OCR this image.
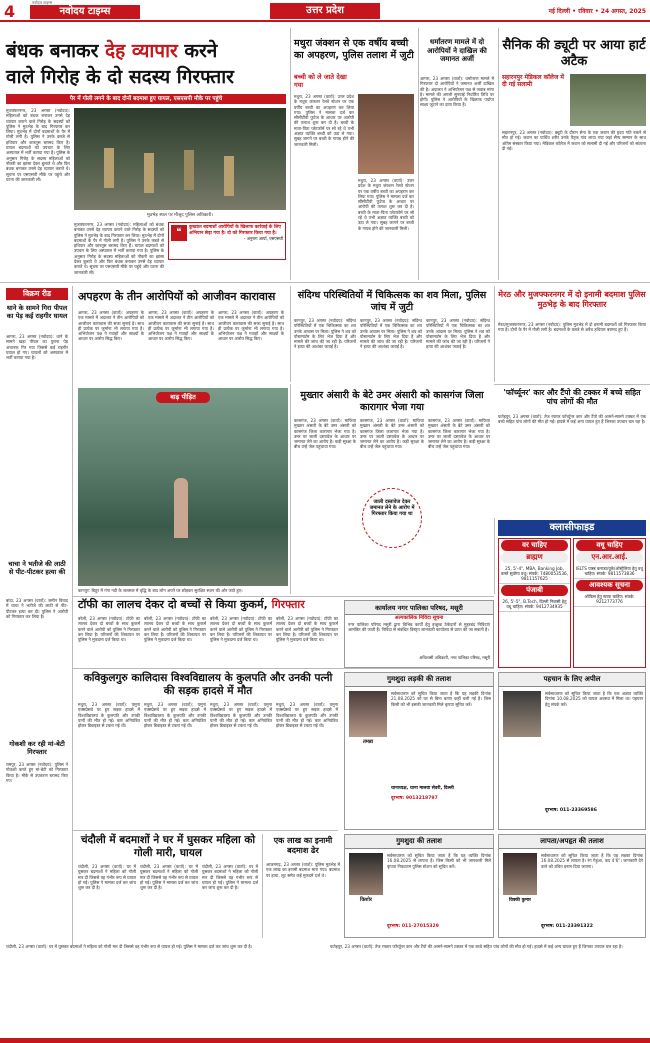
4	नवोदय टाइम्स
नवोदय टाइम्स	उत्तर प्रदेश	नई दिल्ली • रविवार • 24 अगस्त, 2025
बंधक बनाकर देह व्यापार करने
वाले गिरोह के दो सदस्य गिरफ्तार
पैर में गोली लगने के बाद दोनों बदमाश हुए घायल, एसएसपी मौके पर पहुंचे
मुजफ्फरनगर, 23 अगस्त (नवोदय): महिलाओं को बंधक बनाकर उनसे देह व्यापार कराने वाले गिरोह के सदस्यों को पुलिस ने मुठभेड़ के बाद गिरफ्तार कर लिया। मुठभेड़ में दोनों बदमाशों के पैर में गोली लगी है। पुलिस ने उनके कब्जे से हथियार और कारतूस बरामद किए हैं। घायल बदमाशों को उपचार के लिए अस्पताल में भर्ती कराया गया है। पुलिस के अनुसार गिरोह के सदस्य महिलाओं को नौकरी का झांसा देकर बुलाते थे और फिर बंधक बनाकर उनसे देह व्यापार कराते थे। सूचना पर एसएसपी मौके पर पहुंचे और घटना की जानकारी ली।
मुठभेड़ स्थल पर मौजूद पुलिस अधिकारी।
मुजफ्फरनगर, 23 अगस्त (नवोदय): महिलाओं को बंधक बनाकर उनसे देह व्यापार कराने वाले गिरोह के सदस्यों को पुलिस ने मुठभेड़ के बाद गिरफ्तार कर लिया। मुठभेड़ में दोनों बदमाशों के पैर में गोली लगी है। पुलिस ने उनके कब्जे से हथियार और कारतूस बरामद किए हैं। घायल बदमाशों को उपचार के लिए अस्पताल में भर्ती कराया गया है। पुलिस के अनुसार गिरोह के सदस्य महिलाओं को नौकरी का झांसा देकर बुलाते थे और फिर बंधक बनाकर उनसे देह व्यापार कराते थे। सूचना पर एसएसपी मौके पर पहुंचे और घटना की जानकारी ली।
❝	कुख्यात बदमाशों आरोपियों के खिलाफ कार्रवाई के लिए अभियान छेड़ा गया है। दो को गिरफ्तार किया गया है।
- अनुराग आर्या, एसएसपी
मथुरा जंक्शन से एक वर्षीय बच्ची का अपहरण, पुलिस तलाश में जुटी
बच्ची को ले जाते देखा गया
मथुरा, 23 अगस्त (वार्ता): उत्तर प्रदेश के मथुरा जंक्शन रेलवे स्टेशन पर एक वर्षीय बच्ची का अपहरण कर लिया गया। पुलिस ने मामला दर्ज कर सीसीटीवी फुटेज के आधार पर आरोपी की तलाश शुरू कर दी है। बच्ची के माता-पिता प्लेटफॉर्म पर सो रहे थे तभी अज्ञात व्यक्ति बच्ची को उठा ले गया। सुबह जागने पर बच्ची के गायब होने की जानकारी मिली।
मथुरा, 23 अगस्त (वार्ता): उत्तर प्रदेश के मथुरा जंक्शन रेलवे स्टेशन पर एक वर्षीय बच्ची का अपहरण कर लिया गया। पुलिस ने मामला दर्ज कर सीसीटीवी फुटेज के आधार पर आरोपी की तलाश शुरू कर दी है। बच्ची के माता-पिता प्लेटफॉर्म पर सो रहे थे तभी अज्ञात व्यक्ति बच्ची को उठा ले गया। सुबह जागने पर बच्ची के गायब होने की जानकारी मिली।
धर्मांतरण मामले में दो आरोपियों ने दाखिल की जमानत अर्जी
आगरा, 23 अगस्त (वार्ता): धर्मांतरण मामले में गिरफ्तार दो आरोपियों ने जमानत अर्जी दाखिल की है। अदालत ने अभियोजन पक्ष से जवाब मांगा है। मामले की अगली सुनवाई निर्धारित तिथि पर होगी। पुलिस ने आरोपियों के खिलाफ पर्याप्त साक्ष्य जुटाने का दावा किया है।
सैनिक की ड्यूटी पर आया हार्ट अटैक
सहारनपुर मेडिकल कॉलेज में दी गई सलामी
सहारनपुर, 23 अगस्त (नवोदय): ड्यूटी के दौरान सेना के एक जवान की हृदय गति रुकने से मौत हो गई। जवान का पार्थिव शरीर उनके पैतृक गांव लाया गया जहां सैन्य सम्मान के साथ अंतिम संस्कार किया गया। मेडिकल कॉलेज में जवान को सलामी दी गई और परिजनों को सांत्वना दी गई।
विक्रम रीड
थाने के सामने गिरा पीपल का पेड़ कई राहगीर घायल
आगरा, 23 अगस्त (नवोदय): थाने के सामने खड़ा पीपल का पुराना पेड़ अचानक गिर गया जिससे कई राहगीर घायल हो गए। घायलों को अस्पताल में भर्ती कराया गया है।
चाचा ने भतीजे की लाठी से पीट-पीटकर हत्या की
बांदा, 23 अगस्त (वार्ता): जमीन विवाद में चाचा ने भतीजे की लाठी से पीट-पीटकर हत्या कर दी। पुलिस ने आरोपी को गिरफ्तार कर लिया है।
गोकशी कर रही मां-बेटी गिरफ्तार
रामपुर, 23 अगस्त (नवोदय): पुलिस ने गोकशी करते हुए मां-बेटी को गिरफ्तार किया है। मौके से उपकरण बरामद किए गए।
अपहरण के तीन आरोपियों को आजीवन कारावास
आगरा, 23 अगस्त (वार्ता): अपहरण के एक मामले में अदालत ने तीन आरोपियों को आजीवन कारावास की सजा सुनाई है। साथ ही प्रत्येक पर जुर्माना भी लगाया गया है। अभियोजन पक्ष ने गवाहों और साक्ष्यों के आधार पर आरोप सिद्ध किए।
आगरा, 23 अगस्त (वार्ता): अपहरण के एक मामले में अदालत ने तीन आरोपियों को आजीवन कारावास की सजा सुनाई है। साथ ही प्रत्येक पर जुर्माना भी लगाया गया है। अभियोजन पक्ष ने गवाहों और साक्ष्यों के आधार पर आरोप सिद्ध किए।
आगरा, 23 अगस्त (वार्ता): अपहरण के एक मामले में अदालत ने तीन आरोपियों को आजीवन कारावास की सजा सुनाई है। साथ ही प्रत्येक पर जुर्माना भी लगाया गया है। अभियोजन पक्ष ने गवाहों और साक्ष्यों के आधार पर आरोप सिद्ध किए।
संदिग्ध परिस्थितियों में चिकित्सक का शव मिला, पुलिस जांच में जुटी
कानपुर, 23 अगस्त (नवोदय): संदिग्ध परिस्थितियों में एक चिकित्सक का शव उनके आवास पर मिला। पुलिस ने शव को पोस्टमार्टम के लिए भेज दिया है और मामले की जांच की जा रही है। परिजनों ने हत्या की आशंका जताई है।
कानपुर, 23 अगस्त (नवोदय): संदिग्ध परिस्थितियों में एक चिकित्सक का शव उनके आवास पर मिला। पुलिस ने शव को पोस्टमार्टम के लिए भेज दिया है और मामले की जांच की जा रही है। परिजनों ने हत्या की आशंका जताई है।
कानपुर, 23 अगस्त (नवोदय): संदिग्ध परिस्थितियों में एक चिकित्सक का शव उनके आवास पर मिला। पुलिस ने शव को पोस्टमार्टम के लिए भेज दिया है और मामले की जांच की जा रही है। परिजनों ने हत्या की आशंका जताई है।
मेरठ और मुजफ्फरनगर में दो इनामी बदमाश पुलिस मुठभेड़ के बाद गिरफ्तार
मेरठ/मुजफ्फरनगर, 23 अगस्त (नवोदय): पुलिस मुठभेड़ में दो इनामी बदमाशों को गिरफ्तार किया गया है। दोनों के पैर में गोली लगी है। बदमाशों के कब्जे से अवैध हथियार बरामद हुए हैं।
बाढ़ पीड़ित
कानपुर: बिठूर में गंगा नदी के जलस्तर में वृद्धि के बाद लोग अपने घर छोड़कर सुरक्षित स्थान की ओर जाते हुए।
'फॉर्च्यूनर' कार और टैंपो की टक्कर में बच्चे सहित पांच लोगों की मौत
फतेहपुर, 23 अगस्त (वार्ता): तेज रफ्तार फॉर्च्यूनर कार और टैंपो की आमने-सामने टक्कर में एक बच्चे सहित पांच लोगों की मौत हो गई। हादसे में कई अन्य घायल हुए हैं जिनका उपचार चल रहा है।
मुख्तार अंसारी के बेटे उमर अंसारी को कासगंज जिला कारागार भेजा गया
कासगंज, 23 अगस्त (वार्ता): माफिया मुख्तार अंसारी के बेटे उमर अंसारी को कासगंज जिला कारागार भेजा गया है। उमर पर जाली दस्तावेज के आधार पर जमानत लेने का आरोप है। कड़ी सुरक्षा के बीच उन्हें जेल पहुंचाया गया।
जाली दस्तावेज देकर जमानत लेने के आरोप में गिरफ्तार किया गया था
कासगंज, 23 अगस्त (वार्ता): माफिया मुख्तार अंसारी के बेटे उमर अंसारी को कासगंज जिला कारागार भेजा गया है। उमर पर जाली दस्तावेज के आधार पर जमानत लेने का आरोप है। कड़ी सुरक्षा के बीच उन्हें जेल पहुंचाया गया।
कासगंज, 23 अगस्त (वार्ता): माफिया मुख्तार अंसारी के बेटे उमर अंसारी को कासगंज जिला कारागार भेजा गया है। उमर पर जाली दस्तावेज के आधार पर जमानत लेने का आरोप है। कड़ी सुरक्षा के बीच उन्हें जेल पहुंचाया गया।
क्लासीफाइड
वर चाहिए
ब्राह्मण
25, 5'-4", MBA, Banking Job, वास्ते सुयोग्य वधू। संपर्क: 7480053536, 9811157625
पंजाबी
26, 5'-5", B.Tech, दिल्ली निवासी हेतु वधू चाहिए। संपर्क: 9412734935
वधू चाहिए
एन.आर.आई.
IELTS पास्ड कनाडा/यूके/ऑस्ट्रेलिया हेतु वधू चाहिए। संपर्क: 9811573836
आवश्यक सूचना
ऑफिस हेतु स्टाफ चाहिए। संपर्क: 9212773776
टॉफी का लालच देकर दो बच्चों से किया कुकर्म, गिरफ्तार
बरेली, 23 अगस्त (नवोदय): टॉफी का लालच देकर दो बच्चों के साथ कुकर्म करने वाले आरोपी को पुलिस ने गिरफ्तार कर लिया है। परिजनों की शिकायत पर पुलिस ने मुकदमा दर्ज किया था।
बरेली, 23 अगस्त (नवोदय): टॉफी का लालच देकर दो बच्चों के साथ कुकर्म करने वाले आरोपी को पुलिस ने गिरफ्तार कर लिया है। परिजनों की शिकायत पर पुलिस ने मुकदमा दर्ज किया था।
बरेली, 23 अगस्त (नवोदय): टॉफी का लालच देकर दो बच्चों के साथ कुकर्म करने वाले आरोपी को पुलिस ने गिरफ्तार कर लिया है। परिजनों की शिकायत पर पुलिस ने मुकदमा दर्ज किया था।
बरेली, 23 अगस्त (नवोदय): टॉफी का लालच देकर दो बच्चों के साथ कुकर्म करने वाले आरोपी को पुलिस ने गिरफ्तार कर लिया है। परिजनों की शिकायत पर पुलिस ने मुकदमा दर्ज किया था।
कार्यालय नगर पालिका परिषद, मसूरी
अल्पकालिक निविदा सूचना
नगर पालिका परिषद मसूरी द्वारा विभिन्न कार्यों हेतु इच्छुक ठेकेदारों से मुहरबंद निविदाएं आमंत्रित की जाती हैं। निविदा से संबंधित विस्तृत जानकारी कार्यालय से प्राप्त की जा सकती है।
अधिशासी अधिकारी, नगर पालिका परिषद, मसूरी
कविकुलगुरु कालिदास विश्वविद्यालय के कुलपति और उनकी पत्नी की सड़क हादसे में मौत
मथुरा, 23 अगस्त (वार्ता): यमुना एक्सप्रेसवे पर हुए सड़क हादसे में विश्वविद्यालय के कुलपति और उनकी पत्नी की मौत हो गई। कार अनियंत्रित होकर डिवाइडर से टकरा गई थी।
मथुरा, 23 अगस्त (वार्ता): यमुना एक्सप्रेसवे पर हुए सड़क हादसे में विश्वविद्यालय के कुलपति और उनकी पत्नी की मौत हो गई। कार अनियंत्रित होकर डिवाइडर से टकरा गई थी।
मथुरा, 23 अगस्त (वार्ता): यमुना एक्सप्रेसवे पर हुए सड़क हादसे में विश्वविद्यालय के कुलपति और उनकी पत्नी की मौत हो गई। कार अनियंत्रित होकर डिवाइडर से टकरा गई थी।
मथुरा, 23 अगस्त (वार्ता): यमुना एक्सप्रेसवे पर हुए सड़क हादसे में विश्वविद्यालय के कुलपति और उनकी पत्नी की मौत हो गई। कार अनियंत्रित होकर डिवाइडर से टकरा गई थी।
गुमशुदा लड़की की तलाश
तमन्ना
सर्वसाधारण को सूचित किया जाता है कि यह लड़की दिनांक 21.08.2025 को घर से बिना बताए कहीं चली गई है। जिस किसी को भी इसकी जानकारी मिले कृपया सूचित करें।
थानाध्यक्ष, थाना मालवा सेवरी, दिल्ली
दूरभाष: 9013218797
पहचान के लिए अपील
सर्वसाधारण को सूचित किया जाता है कि एक अज्ञात व्यक्ति दिनांक 10.08.2025 को घायल अवस्था में मिला था। पहचान हेतु संपर्क करें।
दूरभाष: 011-23369586
चंदौली में बदमाशों ने घर में घुसकर महिला को गोली मारी, घायल
चंदौली, 23 अगस्त (वार्ता): घर में घुसकर बदमाशों ने महिला को गोली मार दी जिससे वह गंभीर रूप से घायल हो गई। पुलिस ने मामला दर्ज कर जांच शुरू कर दी है।
चंदौली, 23 अगस्त (वार्ता): घर में घुसकर बदमाशों ने महिला को गोली मार दी जिससे वह गंभीर रूप से घायल हो गई। पुलिस ने मामला दर्ज कर जांच शुरू कर दी है।
चंदौली, 23 अगस्त (वार्ता): घर में घुसकर बदमाशों ने महिला को गोली मार दी जिससे वह गंभीर रूप से घायल हो गई। पुलिस ने मामला दर्ज कर जांच शुरू कर दी है।
एक लाख का इनामी बदमाश ढेर
आजमगढ़, 23 अगस्त (वार्ता): पुलिस मुठभेड़ में एक लाख का इनामी बदमाश मारा गया। बदमाश पर हत्या, लूट समेत कई मुकदमे दर्ज थे।
गुमशुदा की तलाश
किशोर
सर्वसाधारण को सूचित किया जाता है कि यह व्यक्ति दिनांक 16.08.2025 से लापता है। जिस किसी को भी जानकारी मिले कृपया निकटतम पुलिस स्टेशन को सूचित करें।
दूरभाष: 011-27015329
लापता/अपहृत की तलाश
विक्की कुमार
सर्वसाधारण को सूचित किया जाता है कि यह लड़का दिनांक 16.08.2025 से लापता है। रंग गेहुंआ, कद 4'6"। जानकारी देने वाले को उचित इनाम दिया जाएगा।
दूरभाष: 011-23391322
चंदौली, 23 अगस्त (वार्ता): घर में घुसकर बदमाशों ने महिला को गोली मार दी जिससे वह गंभीर रूप से घायल हो गई। पुलिस ने मामला दर्ज कर जांच शुरू कर दी है।	फतेहपुर, 23 अगस्त (वार्ता): तेज रफ्तार फॉर्च्यूनर कार और टैंपो की आमने-सामने टक्कर में एक बच्चे सहित पांच लोगों की मौत हो गई। हादसे में कई अन्य घायल हुए हैं जिनका उपचार चल रहा है।
